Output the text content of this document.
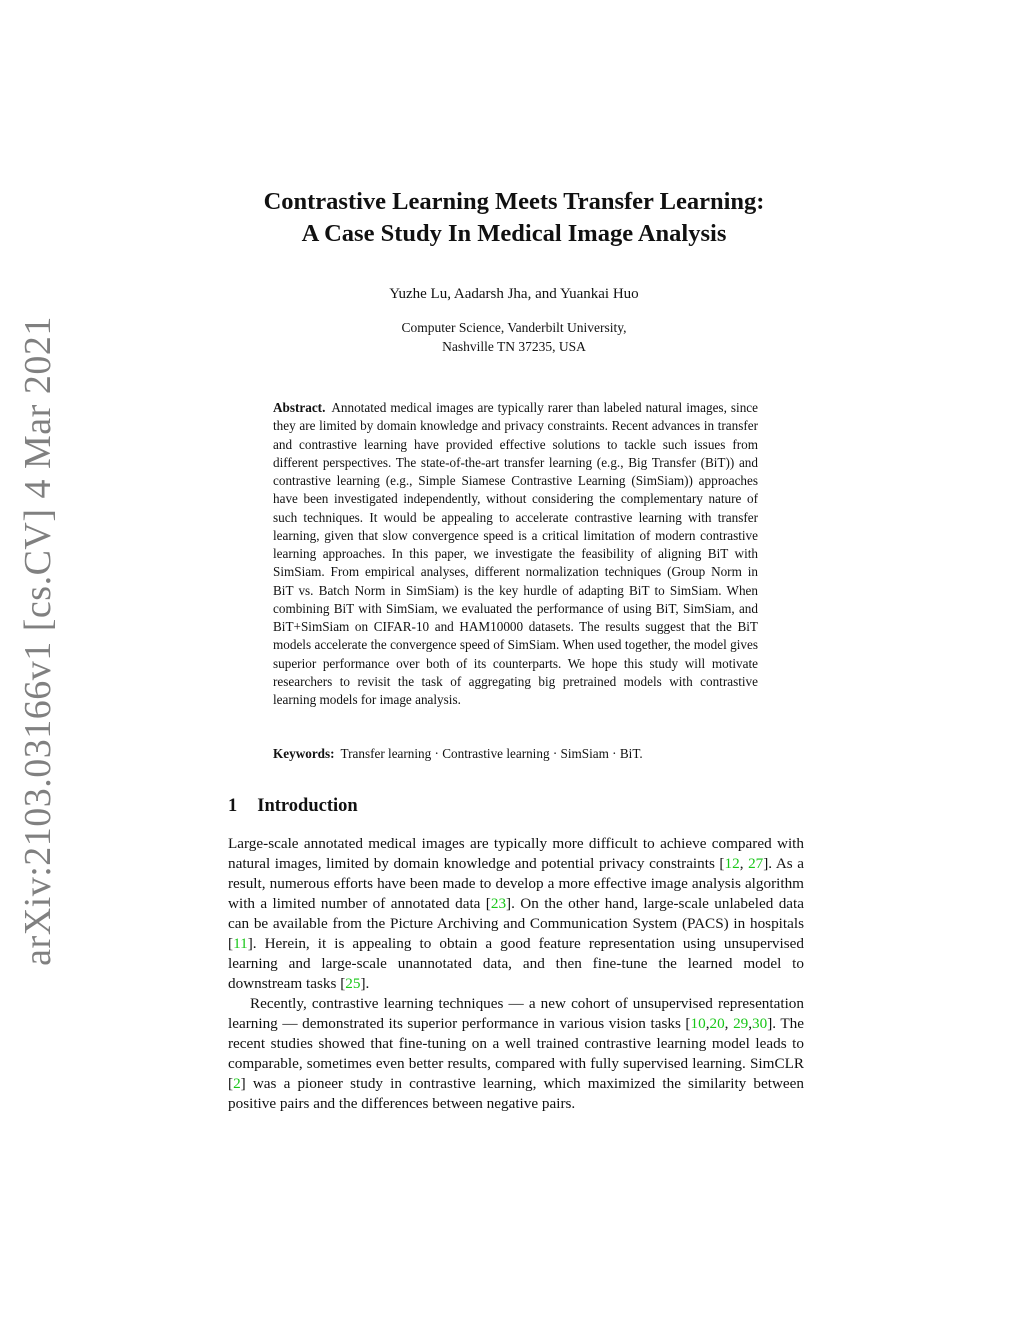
arXiv:2103.03166v1 [cs.CV] 4 Mar 2021
Contrastive Learning Meets Transfer Learning:
A Case Study In Medical Image Analysis
Yuzhe Lu, Aadarsh Jha, and Yuankai Huo
Computer Science, Vanderbilt University,
Nashville TN 37235, USA
Abstract. Annotated medical images are typically rarer than labeled natural images, since they are limited by domain knowledge and privacy constraints. Recent advances in transfer and contrastive learning have provided effective solutions to tackle such issues from different perspectives. The state-of-the-art transfer learning (e.g., Big Transfer (BiT)) and contrastive learning (e.g., Simple Siamese Contrastive Learning (SimSiam)) approaches have been investigated independently, without considering the complementary nature of such techniques. It would be appealing to accelerate contrastive learning with transfer learning, given that slow convergence speed is a critical limitation of modern contrastive learning approaches. In this paper, we investigate the feasibility of aligning BiT with SimSiam. From empirical analyses, different normalization techniques (Group Norm in BiT vs. Batch Norm in SimSiam) is the key hurdle of adapting BiT to SimSiam. When combining BiT with SimSiam, we evaluated the performance of using BiT, SimSiam, and BiT+SimSiam on CIFAR-10 and HAM10000 datasets. The results suggest that the BiT models accelerate the convergence speed of SimSiam. When used together, the model gives superior performance over both of its counterparts. We hope this study will motivate researchers to revisit the task of aggregating big pretrained models with contrastive learning models for image analysis.
Keywords: Transfer learning · Contrastive learning · SimSiam · BiT.
1 Introduction

Large-scale annotated medical images are typically more difficult to achieve compared with natural images, limited by domain knowledge and potential privacy constraints [12, 27]. As a result, numerous efforts have been made to develop a more effective image analysis algorithm with a limited number of annotated data [23]. On the other hand, large-scale unlabeled data can be available from the Picture Archiving and Communication System (PACS) in hospitals [11]. Herein, it is appealing to obtain a good feature representation using unsupervised learning and large-scale unannotated data, and then fine-tune the learned model to downstream tasks [25].

Recently, contrastive learning techniques — a new cohort of unsupervised representation learning — demonstrated its superior performance in various vision tasks [10,20, 29,30]. The recent studies showed that fine-tuning on a well trained contrastive learning model leads to comparable, sometimes even better results, compared with fully supervised learning. SimCLR [2] was a pioneer study in contrastive learning, which maximized the similarity between positive pairs and the differences between negative pairs.
